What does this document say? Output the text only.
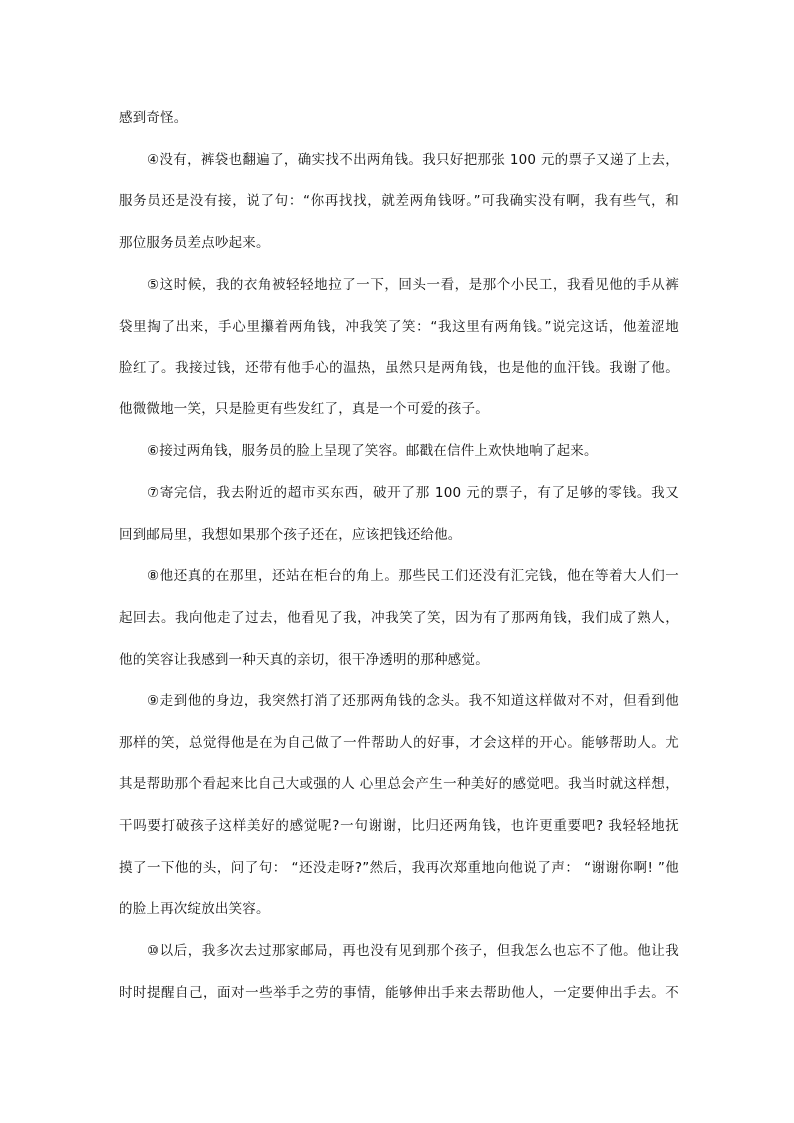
感到奇怪。
④没有，裤袋也翻遍了，确实找不出两角钱。我只好把那张 100 元的票子又递了上去，
服务员还是没有接，说了句：“你再找找，就差两角钱呀。”可我确实没有啊，我有些气，和
那位服务员差点吵起来。
⑤这时候，我的衣角被轻轻地拉了一下，回头一看，是那个小民工，我看见他的手从裤
袋里掏了出来，手心里攥着两角钱，冲我笑了笑：“我这里有两角钱。”说完这话，他羞涩地
脸红了。我接过钱，还带有他手心的温热，虽然只是两角钱，也是他的血汗钱。我谢了他。
他微微地一笑，只是脸更有些发红了，真是一个可爱的孩子。
⑥接过两角钱，服务员的脸上呈现了笑容。邮戳在信件上欢快地响了起来。
⑦寄完信，我去附近的超市买东西，破开了那 100 元的票子，有了足够的零钱。我又
回到邮局里，我想如果那个孩子还在，应该把钱还给他。
⑧他还真的在那里，还站在柜台的角上。那些民工们还没有汇完钱，他在等着大人们一
起回去。我向他走了过去，他看见了我，冲我笑了笑，因为有了那两角钱，我们成了熟人，
他的笑容让我感到一种天真的亲切，很干净透明的那种感觉。
⑨走到他的身边，我突然打消了还那两角钱的念头。我不知道这样做对不对，但看到他
那样的笑，总觉得他是在为自己做了一件帮助人的好事，才会这样的开心。能够帮助人。尤
其是帮助那个看起来比自己大或强的人 心里总会产生一种美好的感觉吧。我当时就这样想，
干吗要打破孩子这样美好的感觉呢?一句谢谢，比归还两角钱，也许更重要吧? 我轻轻地抚
摸了一下他的头，问了句： “还没走呀?”然后，我再次郑重地向他说了声： “谢谢你啊! ”他
的脸上再次绽放出笑容。
⑩以后，我多次去过那家邮局，再也没有见到那个孩子，但我怎么也忘不了他。他让我
时时提醒自己，面对一些举手之劳的事情，能够伸出手来去帮助他人，一定要伸出手去。不
